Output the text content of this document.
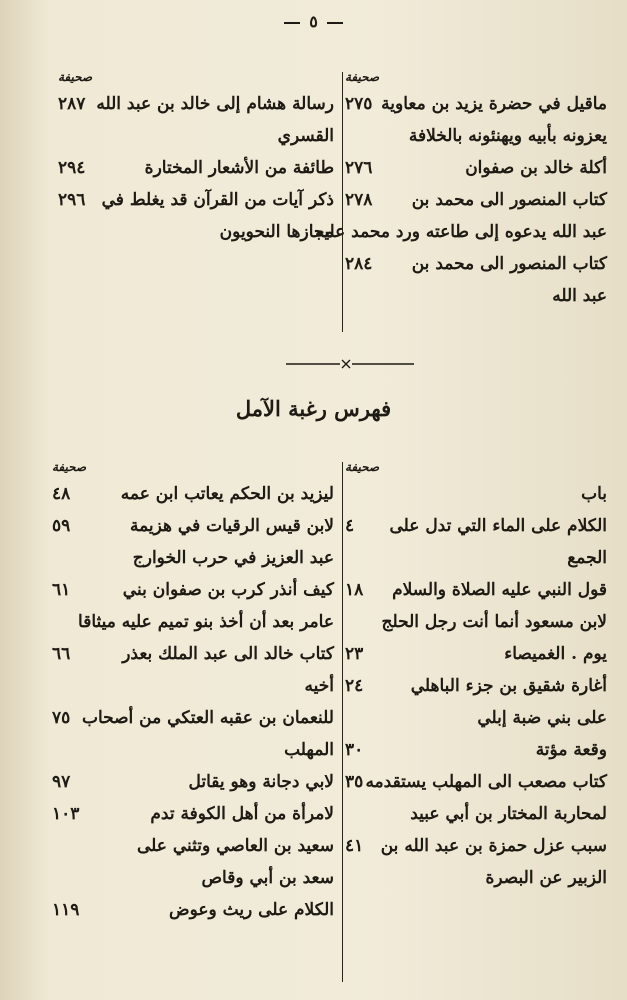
٥
صحيفة
ماقيل في حضرة يزيد بن معاوية
٢٧٥
يعزونه بأبيه ويهنئونه بالخلافة
أكلة خالد بن صفوان
٢٧٦
كتاب المنصور الى محمد بن
٢٧٨
عبد الله يدعوه إلى طاعته ورد محمد عليه
كتاب المنصور الى محمد بن
٢٨٤
عبد الله
صحيفة
رسالة هشام إلى خالد بن عبد الله
٢٨٧
القسري
طائفة من الأشعار المختارة
٢٩٤
ذكر آيات من القرآن قد يغلط في
٢٩٦
مجازها النحويون
فهرس رغبة الآمل
صحيفة
باب
الكلام على الماء التي تدل على
٤
الجمع
قول النبي عليه الصلاة والسلام
١٨
لابن مسعود أنما أنت رجل الحلج
يوم . الغميصاء
٢٣
أغارة شقيق بن جزء الباهلي
٢٤
على بني ضبة إبلي
وقعة مؤتة
٣٠
كتاب مصعب الى المهلب يستقدمه
٣٥
لمحاربة المختار بن أبي عبيد
سبب عزل حمزة بن عبد الله بن
٤١
الزبير عن البصرة
صحيفة
ليزيد بن الحكم يعاتب ابن عمه
٤٨
لابن قيس الرقيات في هزيمة
٥٩
عبد العزيز في حرب الخوارج
كيف أنذر كرب بن صفوان بني
٦١
عامر بعد أن أخذ بنو تميم عليه ميثاقا
كتاب خالد الى عبد الملك بعذر
٦٦
أخيه
للنعمان بن عقبه العتكي من أصحاب
٧٥
المهلب
لابي دجانة وهو يقاتل
٩٧
لامرأة من أهل الكوفة تدم
١٠٣
سعيد بن العاصي وتثني على
سعد بن أبي وقاص
الكلام على ريث وعوض
١١٩
